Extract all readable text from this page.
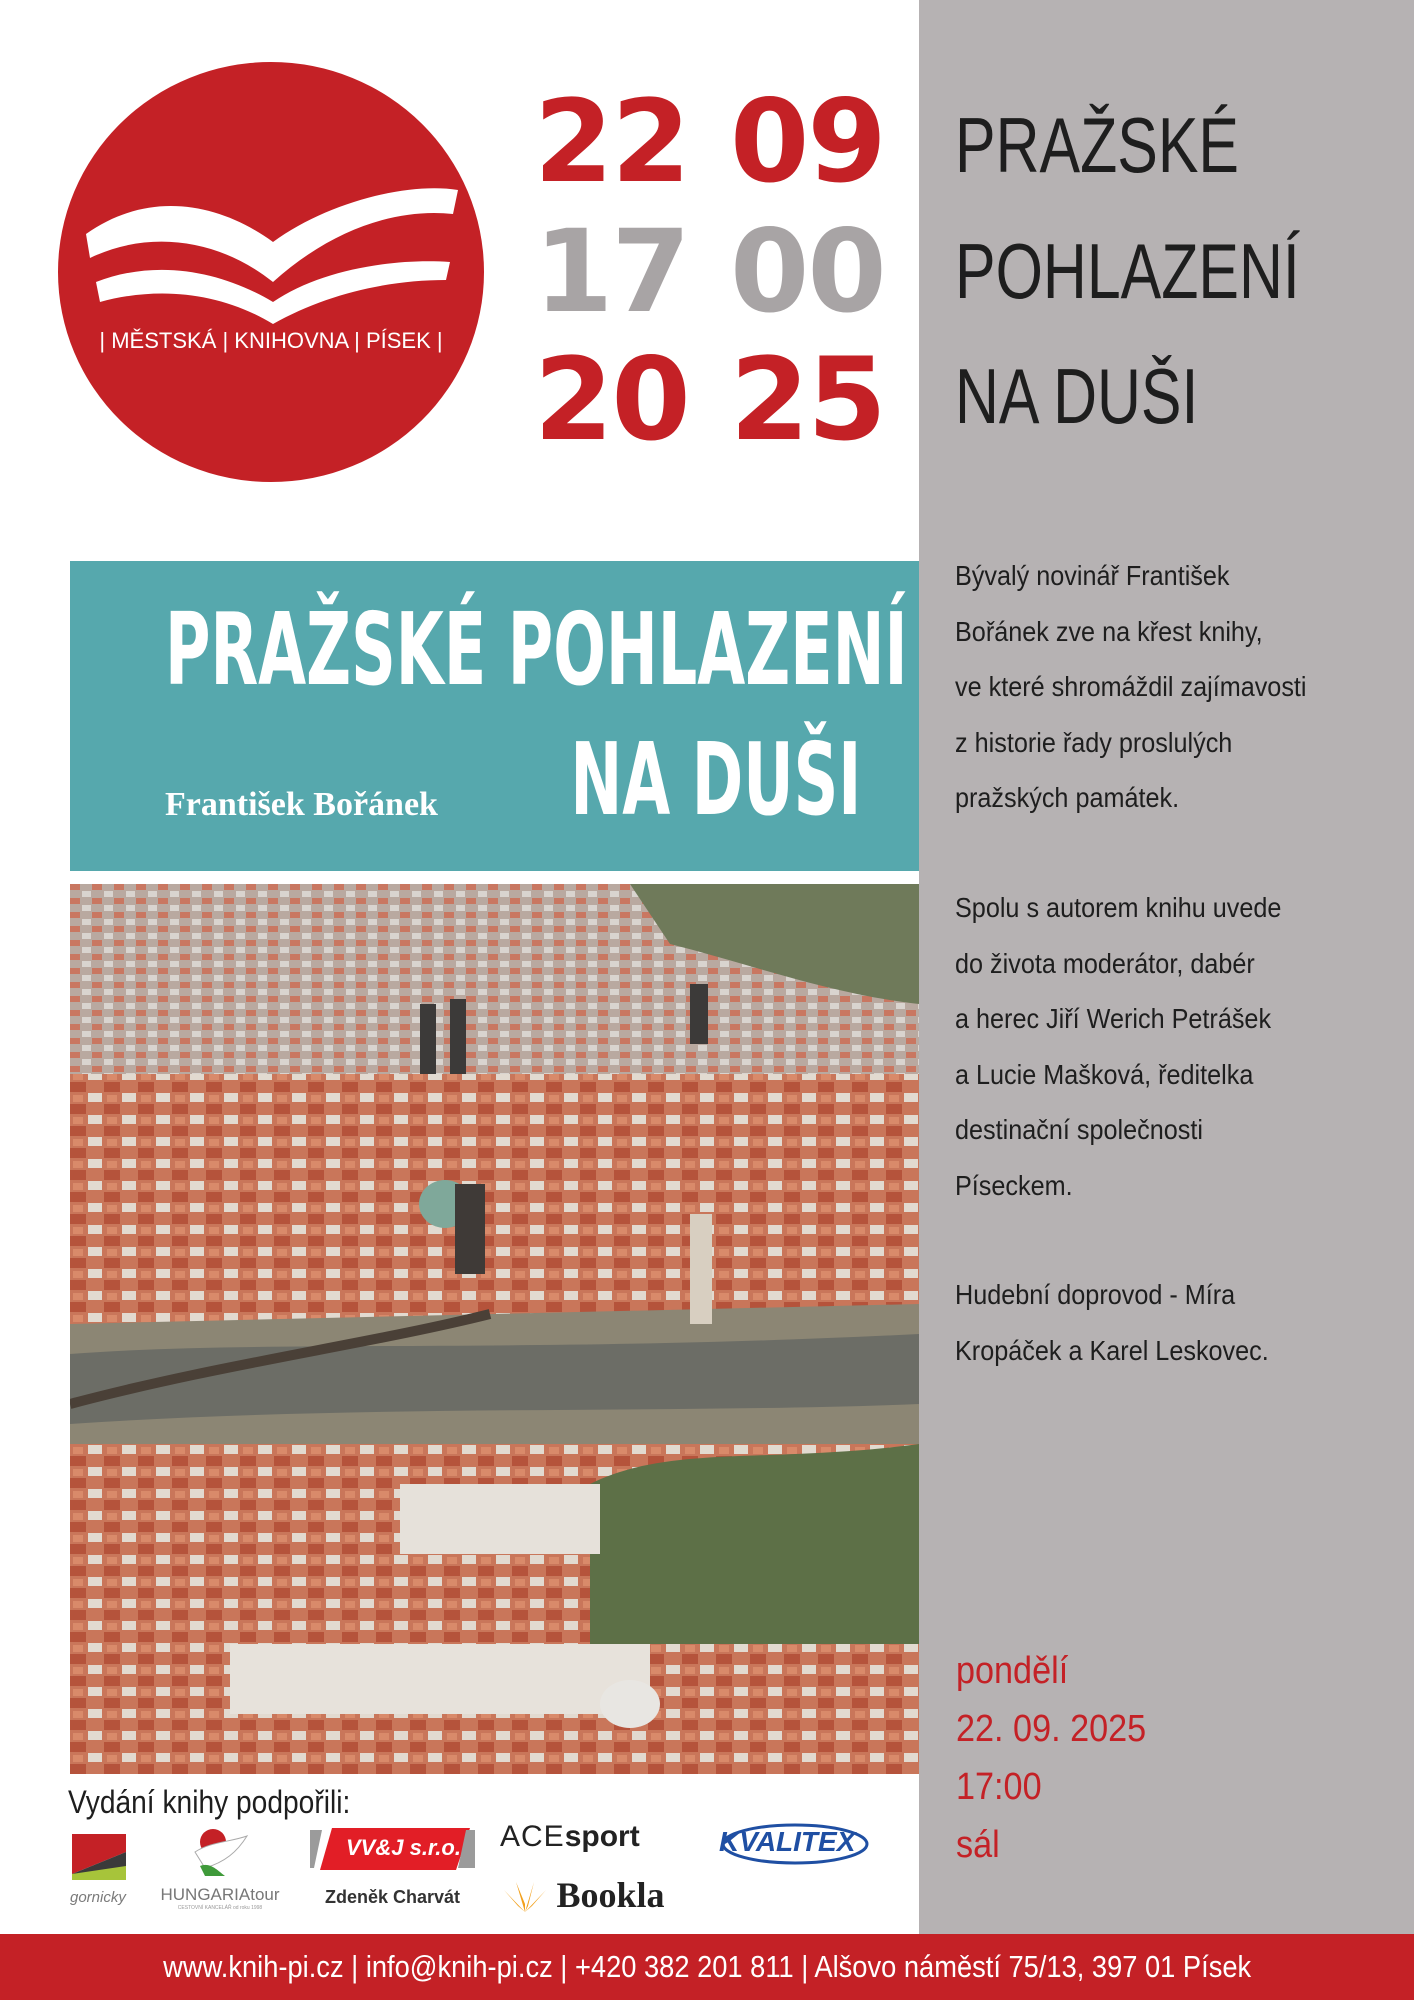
| MĚSTSKÁ | KNIHOVNA | PÍSEK |
22 09
17 00
20 25
PRAŽSKÉ
POHLAZENÍ
NA DUŠI
PRAŽSKÉ POHLAZENÍ
NA DUŠI
František Bořánek
Bývalý novinář František
Bořánek zve na křest knihy,
ve které shromáždil zajímavosti
z historie řady proslulých
pražských památek.
Spolu s autorem knihu uvede
do života moderátor, dabér
a herec Jiří Werich Petrášek
a Lucie Mašková, ředitelka
destinační společnosti
Píseckem.
Hudební doprovod - Míra
Kropáček a Karel Leskovec.
pondělí
22. 09. 2025
17:00
sál
Vydání knihy podpořili:
gornicky	HUNGARIAtour
CESTOVNÍ KANCELÁŘ od roku 1998
VV&J s.r.o.
Zdeněk Charvát
ACEsport
Bookla
KVALITEX
www.knih-pi.cz | info@knih-pi.cz | +420 382 201 811 | Alšovo náměstí 75/13, 397 01 Písek
